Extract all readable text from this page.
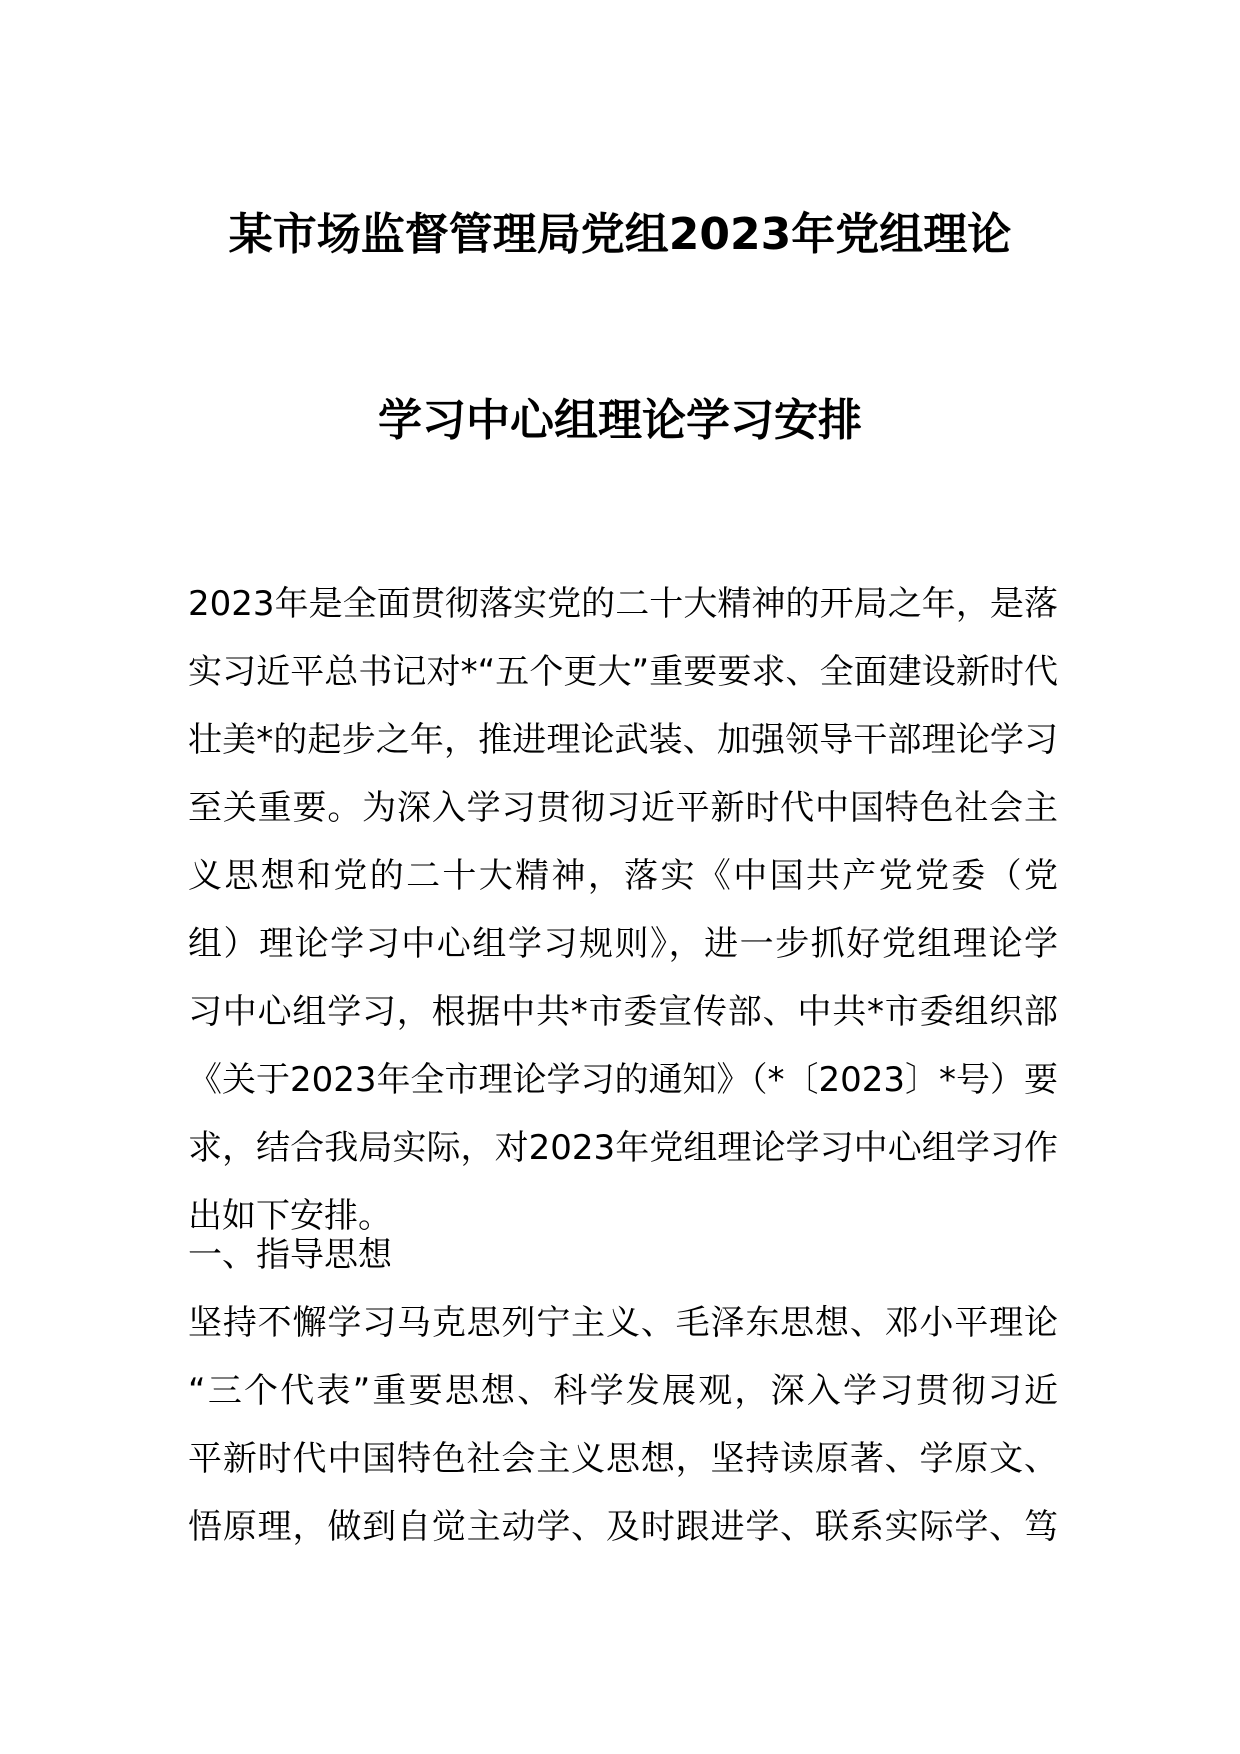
某市场监督管理局党组2023年党组理论
学习中心组理论学习安排
2023年是全面贯彻落实党的二十大精神的开局之年，是落
实习近平总书记对*“五个更大”重要要求、全面建设新时代
壮美*的起步之年，推进理论武装、加强领导干部理论学习
至关重要。为深入学习贯彻习近平新时代中国特色社会主
义思想和党的二十大精神，落实《中国共产党党委（党
组）理论学习中心组学习规则》，进一步抓好党组理论学
习中心组学习，根据中共*市委宣传部、中共*市委组织部
《关于2023年全市理论学习的通知》（*〔2023〕*号）要
求，结合我局实际，对2023年党组理论学习中心组学习作
出如下安排。
一、指导思想
坚持不懈学习马克思列宁主义、毛泽东思想、邓小平理论
“三个代表”重要思想、科学发展观，深入学习贯彻习近
平新时代中国特色社会主义思想，坚持读原著、学原文、
悟原理，做到自觉主动学、及时跟进学、联系实际学、笃
